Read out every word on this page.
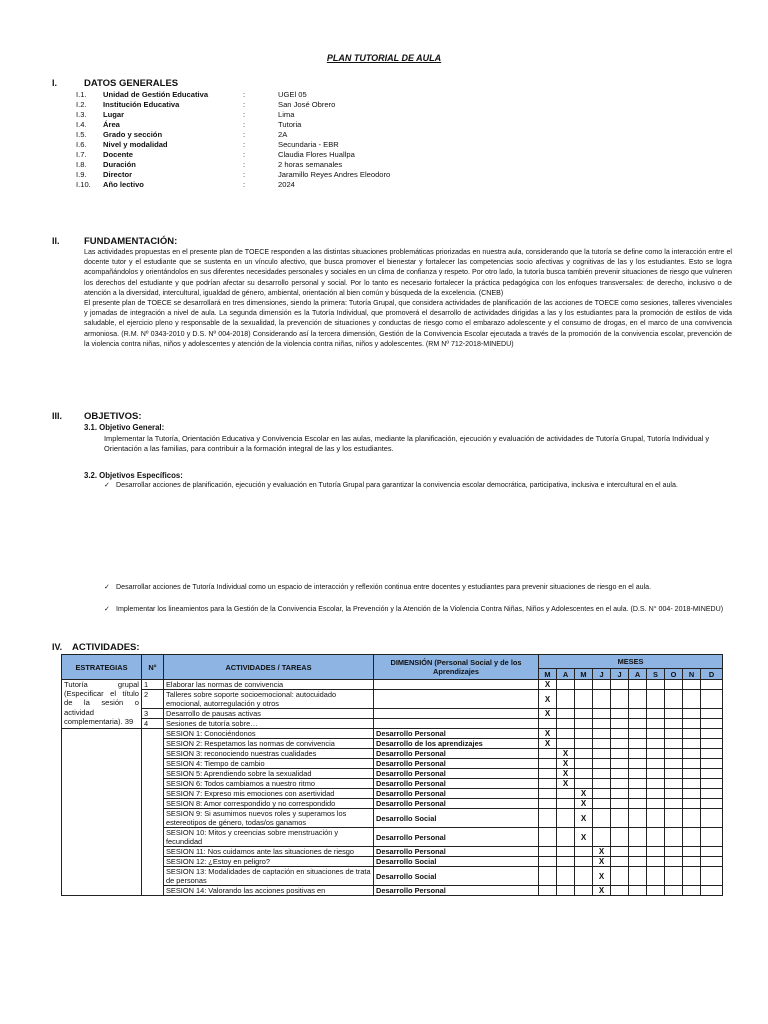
PLAN TUTORIAL DE AULA
I.	DATOS GENERALES
I.1.	Unidad de Gestión Educativa	:	UGEl 05
I.2.	Institución Educativa	:	San José Obrero
I.3.	Lugar	:	Lima
I.4.	Área	:	Tutoria
I.5.	Grado y sección	:	2A
I.6.	Nivel y modalidad	:	Secundaria - EBR
I.7.	Docente	:	Claudia Flores Huallpa
I.8.	Duración	:	2 horas semanales
I.9.	Director	:	Jaramillo Reyes Andres Eleodoro
I.10.	Año lectivo	:	2024
II.	FUNDAMENTACIÓN:

Las actividades propuestas en el presente plan de TOECE responden a las distintas situaciones problemáticas priorizadas en nuestra aula, considerando que la tutoría se define como la interacción entre el docente tutor y el estudiante que se sustenta en un vínculo afectivo, que busca promover el bienestar y fortalecer las competencias socio afectivas y cognitivas de las y los estudiantes. Esto se logra acompañándolos y orientándolos en sus diferentes necesidades personales y sociales en un clima de confianza y respeto. Por otro lado, la tutoría busca también prevenir situaciones de riesgo que vulneren los derechos del estudiante y que podrían afectar su desarrollo personal y social. Por lo tanto es necesario fortalecer la práctica pedagógica con los enfoques transversales: de derecho, inclusivo o de atención a la diversidad, intercultural, igualdad de género, ambiental, orientación al bien común y búsqueda de la excelencia. (CNEB)

El presente plan de TOECE se desarrollará en tres dimensiones, siendo la primera: Tutoría Grupal, que considera actividades de planificación de las acciones de TOECE como sesiones, talleres vivenciales y jornadas de integración a nivel de aula. La segunda dimensión es la Tutoría Individual, que promoverá el desarrollo de actividades dirigidas a las y los estudiantes para la promoción de estilos de vida saludable, el ejercicio pleno y responsable de la sexualidad, la prevención de situaciones y conductas de riesgo como el embarazo adolescente y el consumo de drogas, en el marco de una convivencia armoniosa. (R.M. Nº 0343-2010 y D.S. Nº 004-2018) Considerando así la tercera dimensión, Gestión de la Convivencia Escolar ejecutada a través de la promoción de la convivencia escolar, prevención de la violencia contra niñas, niños y adolescentes y atención de la violencia contra niñas, niños y adolescentes. (RM Nº 712-2018-MINEDU)

III. OBJETIVOS:
3.1. Objetivo General:
Implementar la Tutoría, Orientación Educativa y Convivencia Escolar en las aulas, mediante la planificación, ejecución y evaluación de actividades de Tutoría Grupal, Tutoría Individual y Orientación a las familias, para contribuir a la formación integral de las y los estudiantes.
3.2. Objetivos Específicos:
✓ Desarrollar acciones de planificación, ejecución y evaluación en Tutoría Grupal para garantizar la convivencia escolar democrática, participativa, inclusiva e intercultural en el aula.
✓ Desarrollar acciones de Tutoría Individual como un espacio de interacción y reflexión continua entre docentes y estudiantes para prevenir situaciones de riesgo en el aula.
✓ Implementar los lineamientos para la Gestión de la Convivencia Escolar, la Prevención y la Atención de la Violencia Contra Niñas, Niños y Adolescentes en el aula. (D.S. N° 004- 2018-MINEDU)
IV. ACTIVIDADES:
ESTRATEGIAS	N°	ACTIVIDADES / TAREAS	DIMENSIÓN (Personal Social y de los Aprendizajes	MESES									
				M	A	M	J	J	A	S	O	N	D
Tutoría grupal (Especificar el título de la sesión o actividad complementaria). 39	1	Elaborar las normas de convivencia		X									
	2	Talleres sobre soporte socioemocional: autocuidado emocional, autorregulación y otros		X									
	3	Desarrollo de pausas activas		X									
	4	Sesiones de tutoría sobre…											
		SESION 1: Conociéndonos	Desarrollo Personal	X									
		SESION 2: Respetamos las normas de convivencia	Desarrollo de los aprendizajes	X									
		SESION 3: reconociendo nuestras cualidades	Desarrollo Personal		X								
		SESION 4: Tiempo de cambio	Desarrollo Personal		X								
		SESION 5: Aprendiendo sobre la sexualidad	Desarrollo Personal		X								
		SESION 6: Todos cambiamos a nuestro ritmo	Desarrollo Personal		X								
		SESION 7: Expreso mis emociones con asertividad	Desarrollo Personal			X							
		SESION 8: Amor correspondido y no correspondido	Desarrollo Personal			X							
		SESION 9: Si asumimos nuevos roles y superamos los estereotipos de género, todas/os ganamos	Desarrollo Social			X							
		SESION 10: Mitos y creencias sobre menstruación y fecundidad	Desarrollo Personal			X							
		SESION 11: Nos cuidamos ante las situaciones de riesgo	Desarrollo Personal				X						
		SESION 12: ¿Estoy en peligro?	Desarrollo Social				X						
		SESION 13: Modalidades de captación en situaciones de trata de personas	Desarrollo Social				X						
		SESION 14: Valorando las acciones positivas en	Desarrollo Personal				X						
